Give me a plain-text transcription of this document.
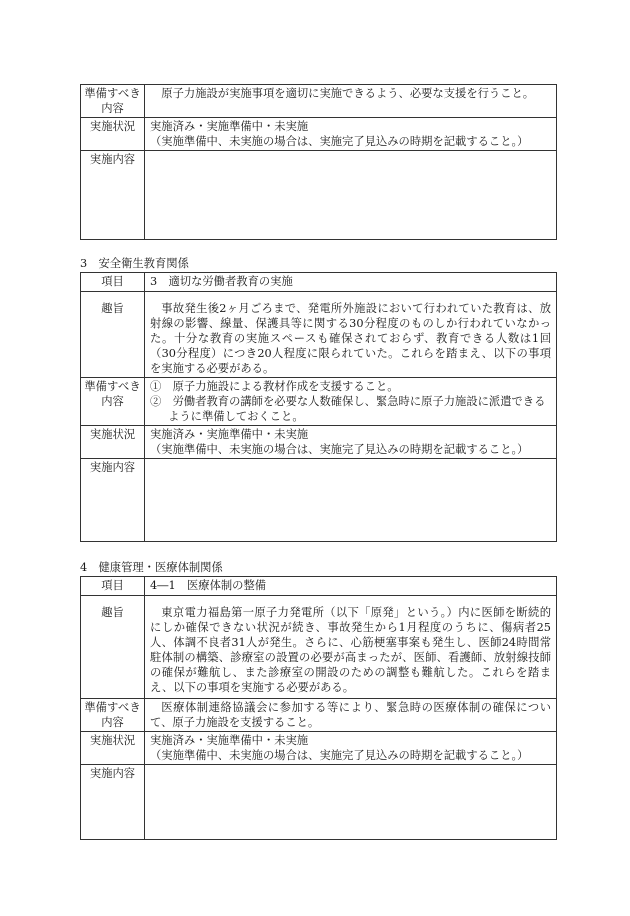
準備すべき内容	原子力施設が実施事項を適切に実施できるよう、必要な支援を行うこと。
実施状況	実施済み・実施準備中・未実施
（実施準備中、未実施の場合は、実施完了見込みの時期を記載すること。）

実施内容	
3　安全衛生教育関係
項目	3　適切な労働者教育の実施
趣旨	事故発生後2ヶ月ごろまで、発電所外施設において行われていた教育は、放射線の影響、線量、保護具等に関する30分程度のものしか行われていなかった。十分な教育の実施スペースも確保されておらず、教育できる人数は1回（30分程度）につき20人程度に限られていた。これらを踏まえ、以下の事項を実施する必要がある。
準備すべき内容	①　原子力施設による教材作成を支援すること。
②　労働者教育の講師を必要な人数確保し、緊急時に原子力施設に派遣できるように準備しておくこと。

実施状況	実施済み・実施準備中・未実施
（実施準備中、未実施の場合は、実施完了見込みの時期を記載すること。）

実施内容	
4　健康管理・医療体制関係
項目	4―1　医療体制の整備
趣旨	東京電力福島第一原子力発電所（以下「原発」という。）内に医師を断続的にしか確保できない状況が続き、事故発生から1月程度のうちに、傷病者25人、体調不良者31人が発生。さらに、心筋梗塞事案も発生し、医師24時間常駐体制の構築、診療室の設置の必要が高まったが、医師、看護師、放射線技師の確保が難航し、また診療室の開設のための調整も難航した。これらを踏まえ、以下の事項を実施する必要がある。
準備すべき内容	医療体制連絡協議会に参加する等により、緊急時の医療体制の確保について、原子力施設を支援すること。
実施状況	実施済み・実施準備中・未実施
（実施準備中、未実施の場合は、実施完了見込みの時期を記載すること。）

実施内容	
